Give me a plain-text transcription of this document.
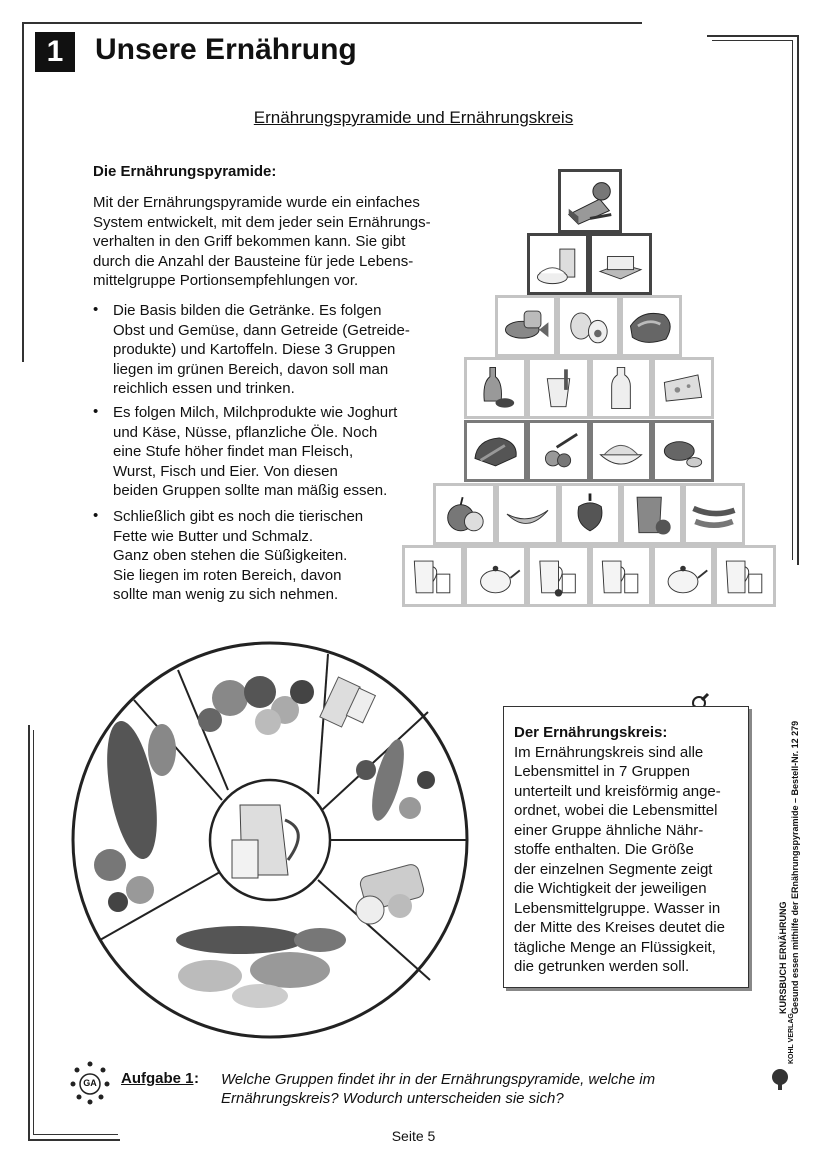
1	Unsere Ernährung
Ernährungspyramide und Ernährungskreis
Die Ernährungspyramide:
Mit der Ernährungspyramide wurde ein einfaches
System entwickelt, mit dem jeder sein Ernährungs-
verhalten in den Griff bekommen kann. Sie gibt
durch die Anzahl der Bausteine für jede Lebens-
mittelgruppe Portionsempfehlungen vor.
• Die Basis bilden die Getränke. Es folgen
Obst und Gemüse, dann Getreide (Getreide-
produkte) und Kartoffeln. Diese 3 Gruppen
liegen im grünen Bereich, davon soll man
reichlich essen und trinken.
• Es folgen Milch, Milchprodukte wie Joghurt
und Käse, Nüsse, pflanzliche Öle. Noch
eine Stufe höher findet man Fleisch,
Wurst, Fisch und Eier. Von diesen
beiden Gruppen sollte man mäßig essen.
• Schließlich gibt es noch die tierischen
Fette wie Butter und Schmalz.
Ganz oben stehen die Süßigkeiten.
Sie liegen im roten Bereich, davon
sollte man wenig zu sich nehmen.
Der Ernährungskreis:
Im Ernährungskreis sind alle
Lebensmittel in 7 Gruppen
unterteilt und kreisförmig ange-
ordnet, wobei die Lebensmittel
einer Gruppe ähnliche Nähr-
stoffe enthalten. Die Größe
der einzelnen Segmente zeigt
die Wichtigkeit der jeweiligen
Lebensmittelgruppe. Wasser in
der Mitte des Kreises deutet die
tägliche Menge an Flüssigkeit,
die getrunken werden soll.
GA	Aufgabe 1 : Welche Gruppen findet ihr in der Ernährungspyramide, welche im
Ernährungskreis? Wodurch unterscheiden sie sich?
Seite 5
KURSBUCH ERNÄHRUNG Gesund essen mithilfe der ERnährungspyramide – Bestell-Nr. 12 279
KOHL VERLAG
